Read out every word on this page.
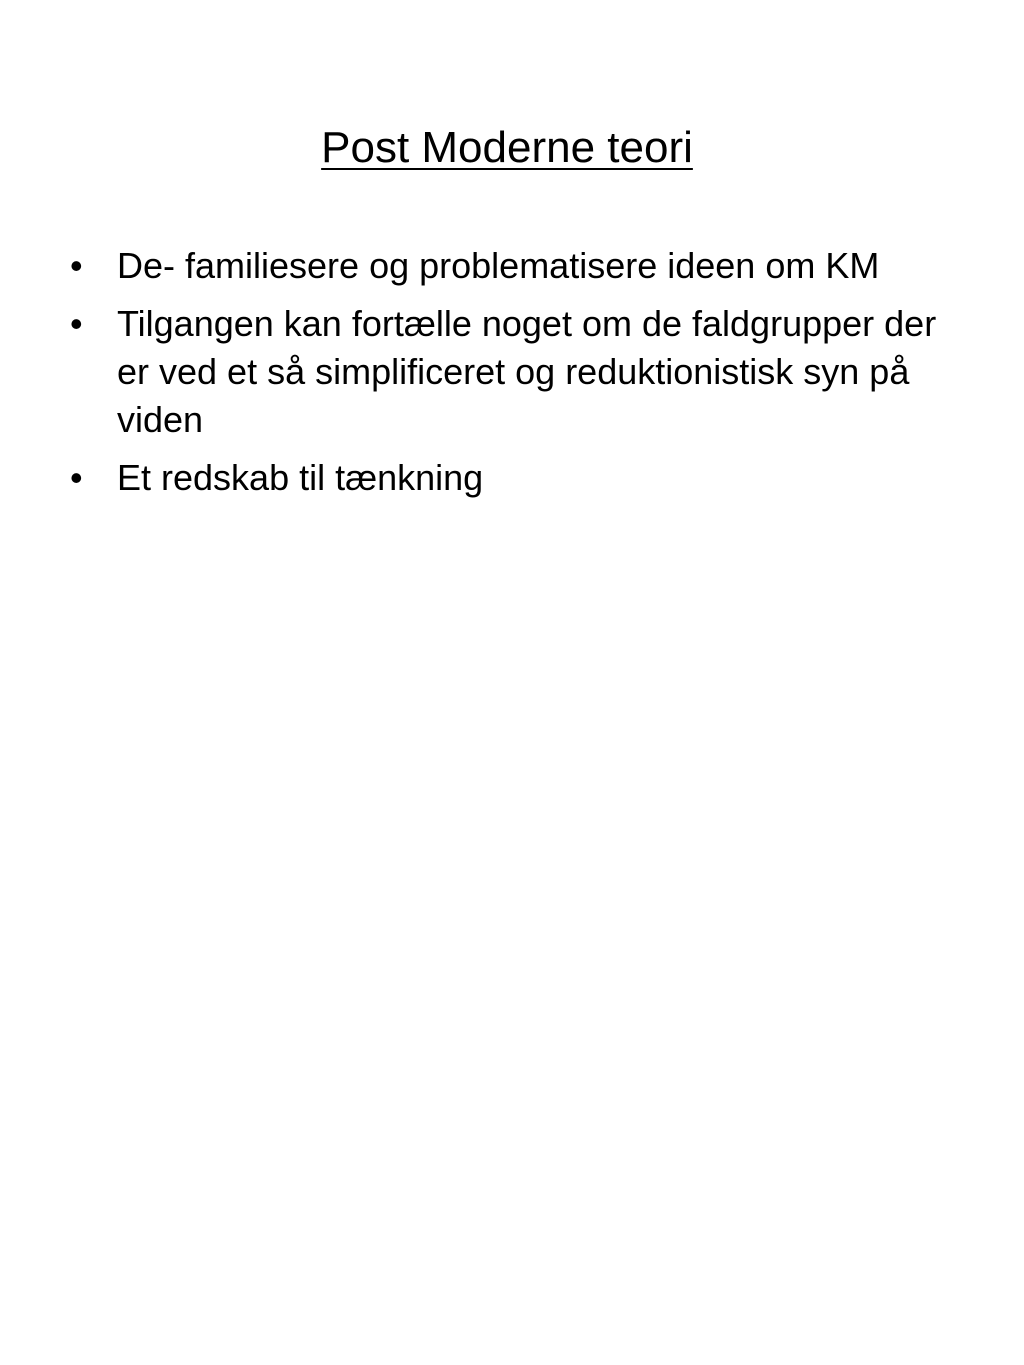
Post Moderne teori
• De- familiesere og problematisere ideen om KM
• Tilgangen kan fortælle noget om de faldgrupper der er ved et så simplificeret og reduktionistisk syn på viden
• Et redskab til tænkning
